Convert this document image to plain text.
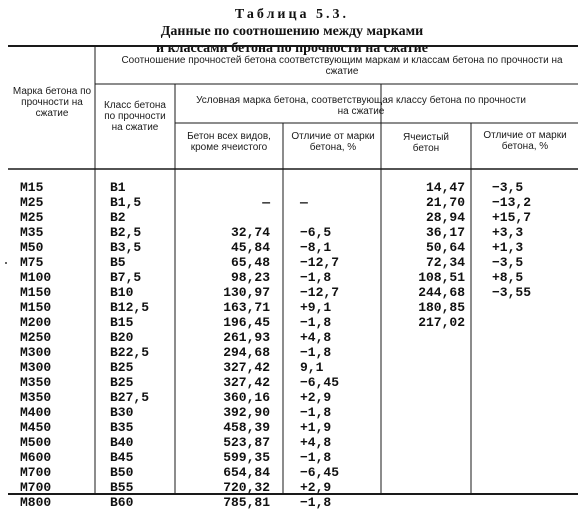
Таблица 5.3.
Данные по соотношению между марками
и классами бетона по прочности на сжатие
Марка бетона по прочности на сжатие
Соотношение прочностей бетона соответствующим маркам и классам бетона по прочности на сжатие
Класс бетона по прочности на сжатие
Условная марка бетона, соответствующая классу бетона по прочности на сжатие
Бетон всех видов, кроме ячеистого
Отличие от марки бетона, %
Ячеистый бетон
Отличие от марки бетона, %
М15
М25
М25
М35
М50
М75
М100
М150
М150
М200
М250
М300
М300
М350
М350
М400
М450
М500
М600
М700
М700
М800
В1
В1,5
В2
В2,5
В3,5
В5
В7,5
В10
В12,5
В15
В20
В22,5
В25
В25
В27,5
В30
В35
В40
В45
В50
В55
В60
—
32,74
45,84
65,48
98,23
130,97
163,71
196,45
261,93
294,68
327,42
327,42
360,16
392,90
458,39
523,87
599,35
654,84
720,32
785,81
—
−6,5
−8,1
−12,7
−1,8
−12,7
+9,1
−1,8
+4,8
−1,8
9,1
−6,45
+2,9
−1,8
+1,9
+4,8
−1,8
−6,45
+2,9
−1,8
14,47
21,70
28,94
36,17
50,64
72,34
108,51
244,68
180,85
217,02
−3,5
−13,2
+15,7
+3,3
+1,3
−3,5
+8,5
−3,55
